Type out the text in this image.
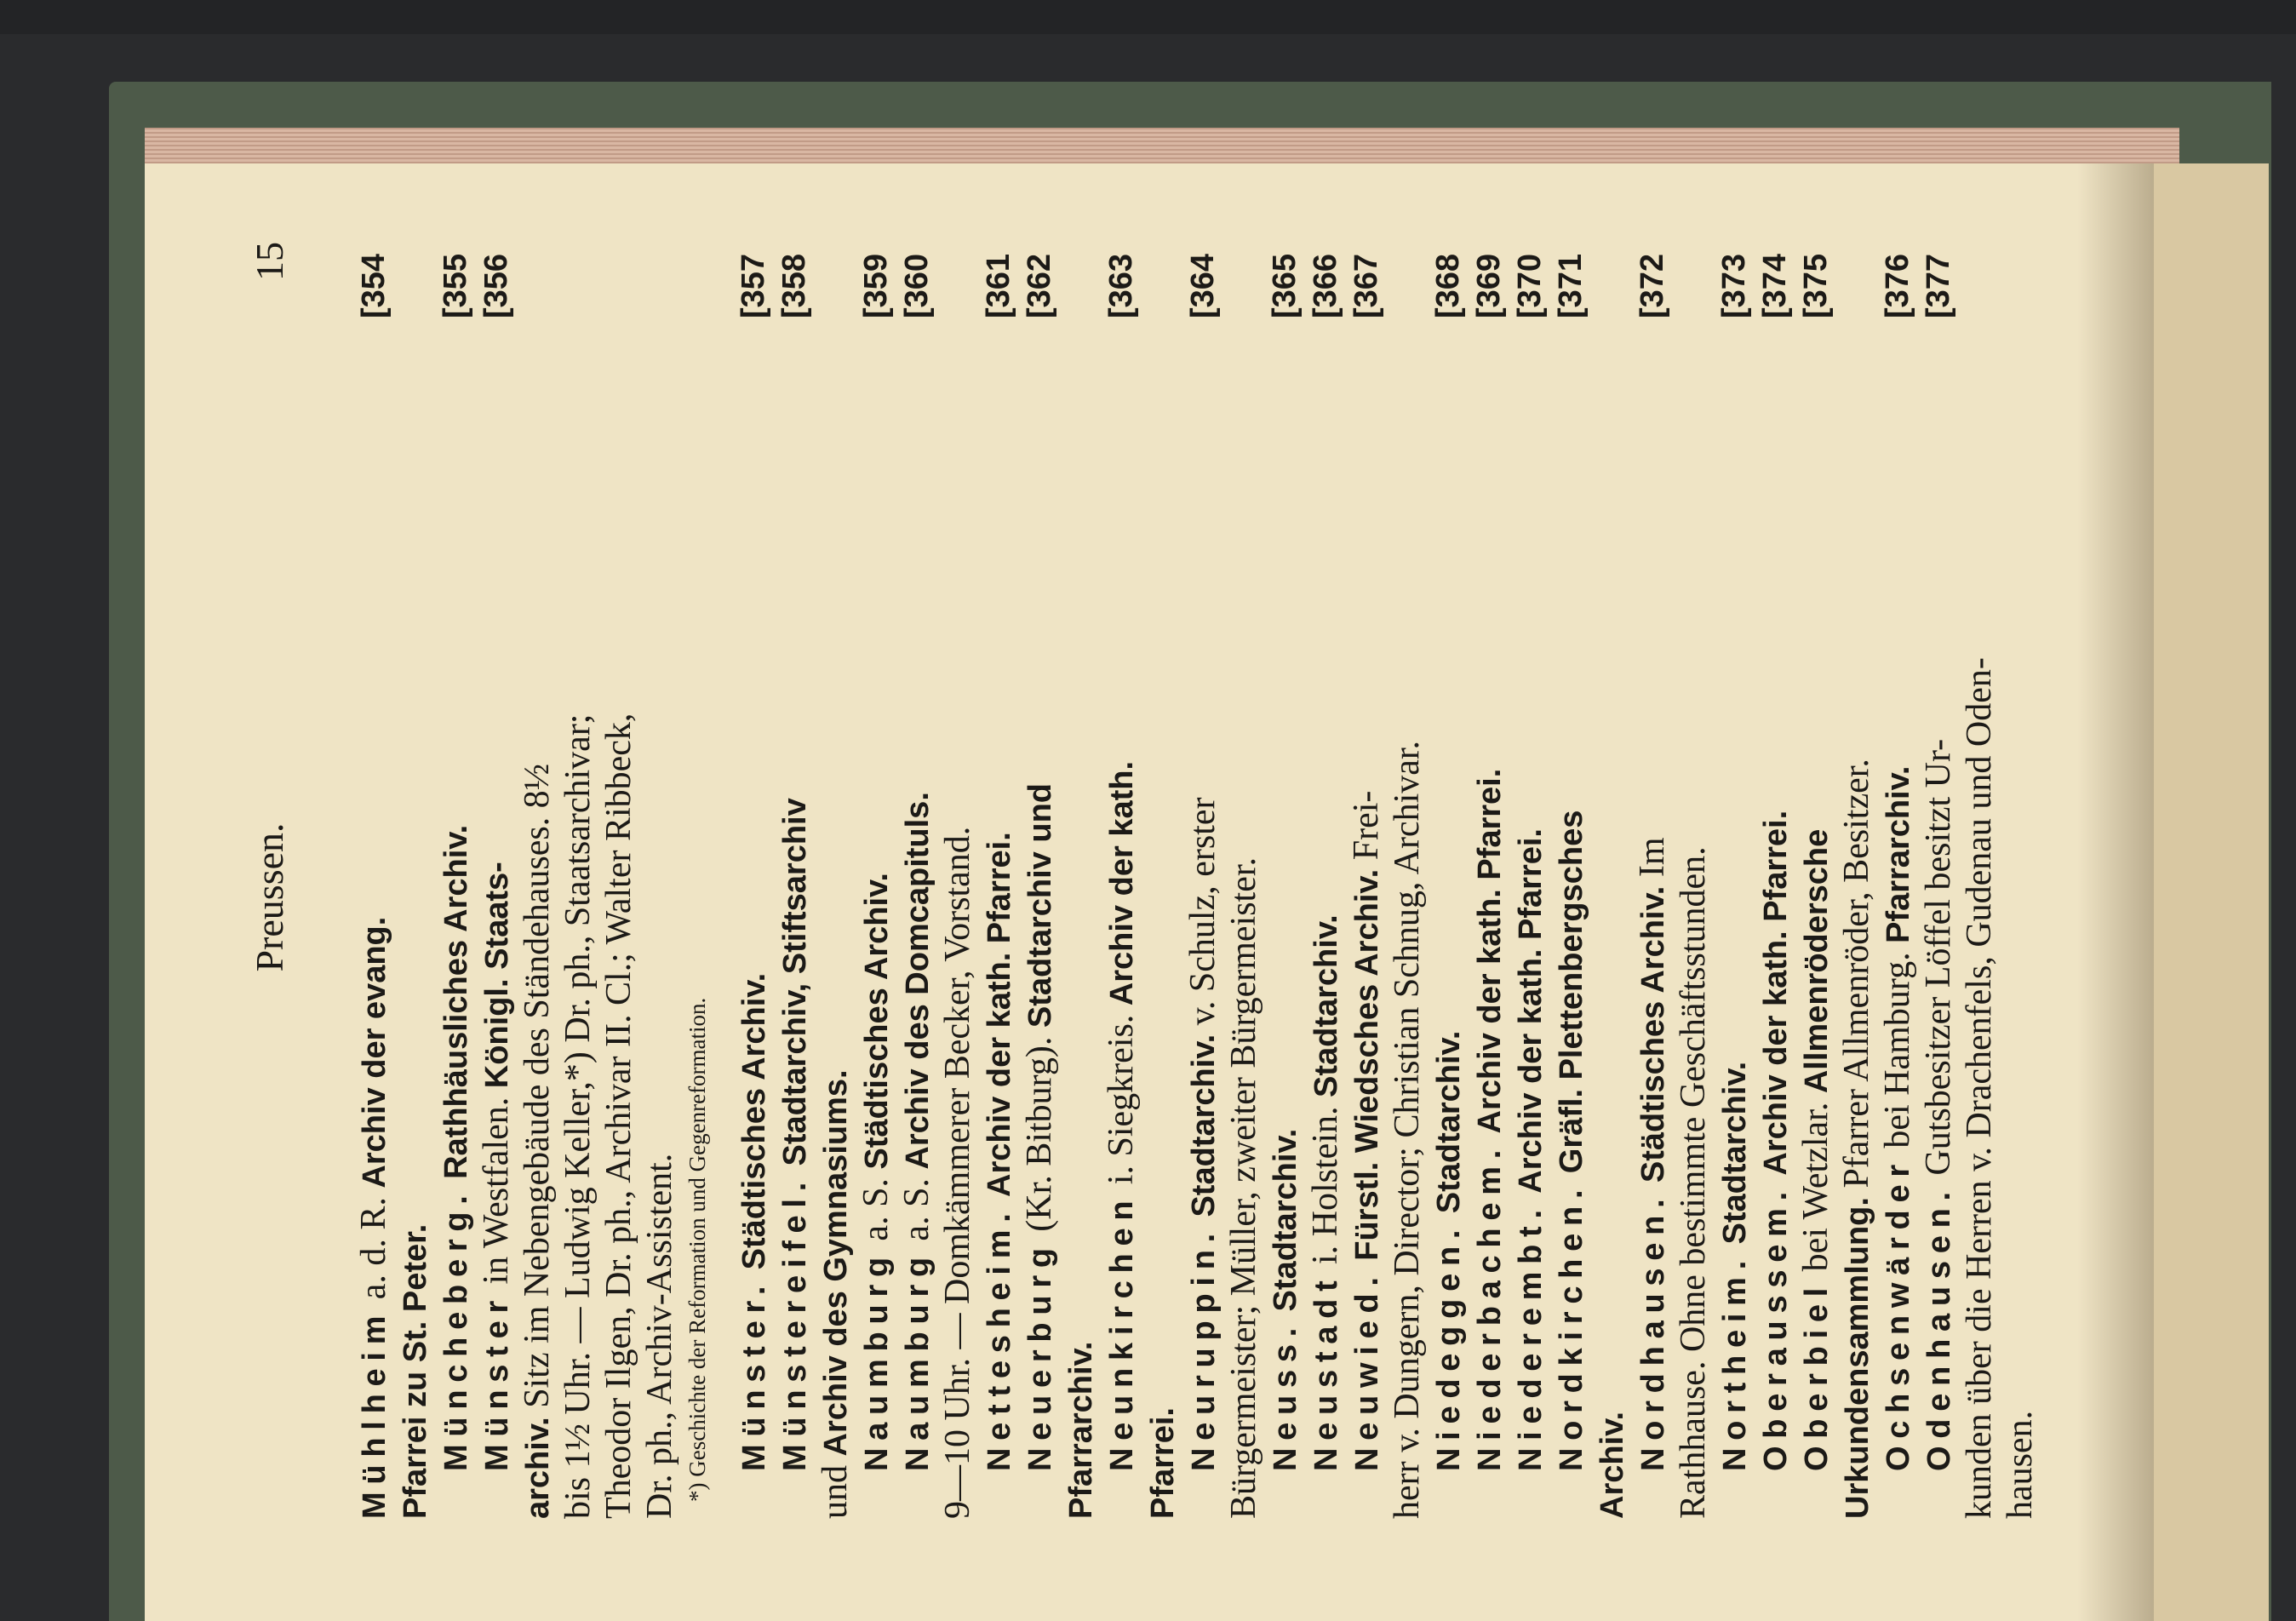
Preussen.
15
Mühlheim a. d. R. Archiv der evang.
[354
Pfarrei zu St. Peter. Müncheberg. Rathhäusliches Archiv.
[355
Münster in Westfalen. Königl. Staats-
[356
archiv. Sitz im Nebengebäude des Ständehauses. 8½ bis 1½ Uhr. — Ludwig Keller,*) Dr. ph., Staatsarchivar; Theodor Ilgen, Dr. ph., Archivar II. Cl.; Walter Ribbeck, Dr. ph., Archiv-Assistent. *) Geschichte der Reformation und Gegenreformation. Münster. Städtisches Archiv.
[357
Münstereifel. Stadtarchiv, Stiftsarchiv
[358
und Archiv des Gymnasiums. Naumburg a. S. Städtisches Archiv.
[359
Naumburg a. S. Archiv des Domcapituls.
[360
9—10 Uhr. — Domkämmerer Becker, Vorstand. Nettesheim. Archiv der kath. Pfarrei.
[361
Neuerburg (Kr. Bitburg). Stadtarchiv und
[362
Pfarrarchiv. Neunkirchen i. Siegkreis. Archiv der kath.
[363
Pfarrei. Neuruppin. Stadtarchiv. v. Schulz, erster
[364
Bürgermeister; Müller, zweiter Bürgermeister. Neuss. Stadtarchiv.
[365
Neustadt i. Holstein. Stadtarchiv.
[366
Neuwied. Fürstl. Wiedsches Archiv. Frei-
[367
herr v. Dungern, Director; Christian Schnug, Archivar. Niedeggen. Stadtarchiv.
[368
Niederbachem. Archiv der kath. Pfarrei.
[369
Niederembt. Archiv der kath. Pfarrei.
[370
Nordkirchen. Gräfl. Plettenbergsches
[371
Archiv. Nordhausen. Städtisches Archiv. Im
[372
Rathhause. Ohne bestimmte Geschäftsstunden. Northeim. Stadtarchiv.
[373
Oberaussem. Archiv der kath. Pfarrei.
[374
Oberbiel bei Wetzlar. Allmenrödersche
[375
Urkundensammlung. Pfarrer Allmenröder, Besitzer.
Ochsenwärder bei Hamburg. Pfarrarchiv.
[376
Odenhausen. Gutsbesitzer Löffel besitzt Ur-
[377
kunden über die Herren v. Drachenfels, Gudenau und Oden- hausen.
